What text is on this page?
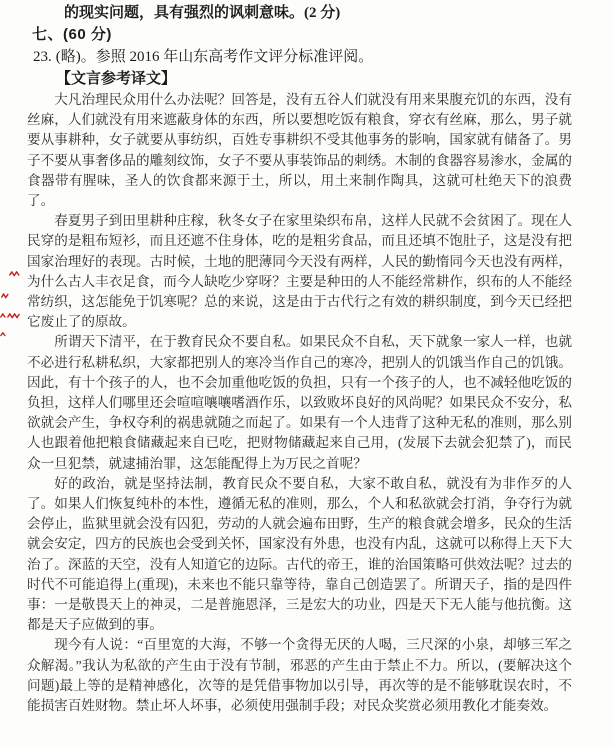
的现实问题，具有强烈的讽刺意味。(2 分)
七、(60 分)
23. (略)。参照 2016 年山东高考作文评分标准评阅。
【文言参考译文】

大凡治理民众用什么办法呢？回答是，没有五谷人们就没有用来果腹充饥的东西，没有丝麻，人们就没有用来遮蔽身体的东西，所以要想吃饭有粮食，穿衣有丝麻，那么，男子就要从事耕种，女子就要从事纺织，百姓专事耕织不受其他事务的影响，国家就有储备了。男子不要从事奢侈品的雕刻纹饰，女子不要从事装饰品的刺绣。木制的食器容易渗水，金属的食器带有腥味，圣人的饮食都来源于土，所以，用土来制作陶具，这就可杜绝天下的浪费了。

春夏男子到田里耕种庄稼，秋冬女子在家里染织布帛，这样人民就不会贫困了。现在人民穿的是粗布短衫，而且还遮不住身体，吃的是粗劣食品，而且还填不饱肚子，这是没有把国家治理好的表现。古时候，土地的肥薄同今天没有两样，人民的勤惰同今天也没有两样，为什么古人丰衣足食，而今人缺吃少穿呀？主要是种田的人不能经常耕作，织布的人不能经常纺织，这怎能免于饥寒呢？总的来说，这是由于古代行之有效的耕织制度，到今天已经把它废止了的原故。

所谓天下清平，在于教育民众不要自私。如果民众不自私，天下就象一家人一样，也就不必进行私耕私织，大家都把别人的寒冷当作自己的寒冷，把别人的饥饿当作自己的饥饿。因此，有十个孩子的人，也不会加重他吃饭的负担，只有一个孩子的人，也不减轻他吃饭的负担，这样人们哪里还会喧喧嚷嚷嗜酒作乐，以致败坏良好的风尚呢？如果民众不安分，私欲就会产生，争权夺利的祸患就随之而起了。如果有一个人违背了这种无私的准则，那么别人也跟着他把粮食储藏起来自已吃，把财物储藏起来自己用，(发展下去就会犯禁了)，而民众一旦犯禁，就逮捕治罪，这怎能配得上为万民之首呢？

好的政治，就是坚持法制，教育民众不要自私，大家不敢自私，就没有为非作歹的人了。如果人们恢复纯朴的本性，遵循无私的准则，那么，个人和私欲就会打消，争夺行为就会停止，监狱里就会没有囚犯，劳动的人就会遍布田野，生产的粮食就会增多，民众的生活就会安定，四方的民族也会受到关怀，国家没有外患，也没有内乱，这就可以称得上天下大治了。深蓝的天空，没有人知道它的边际。古代的帝王，谁的治国策略可供效法呢？过去的时代不可能追得上(重现)，未来也不能只靠等待，靠自己创造罢了。所谓天子，指的是四件事：一是敬畏天上的神灵，二是普施恩泽，三是宏大的功业，四是天下无人能与他抗衡。这都是天子应做到的事。

现今有人说：“百里宽的大海，不够一个贪得无厌的人喝，三尺深的小泉，却够三军之众解渴。”我认为私欲的产生由于没有节制，邪恶的产生由于禁止不力。所以，(要解决这个问题)最上等的是精神感化，次等的是凭借事物加以引导，再次等的是不能够耽误农时，不能损害百姓财物。禁止坏人坏事，必须使用强制手段；对民众奖赏必须用教化才能奏效。
